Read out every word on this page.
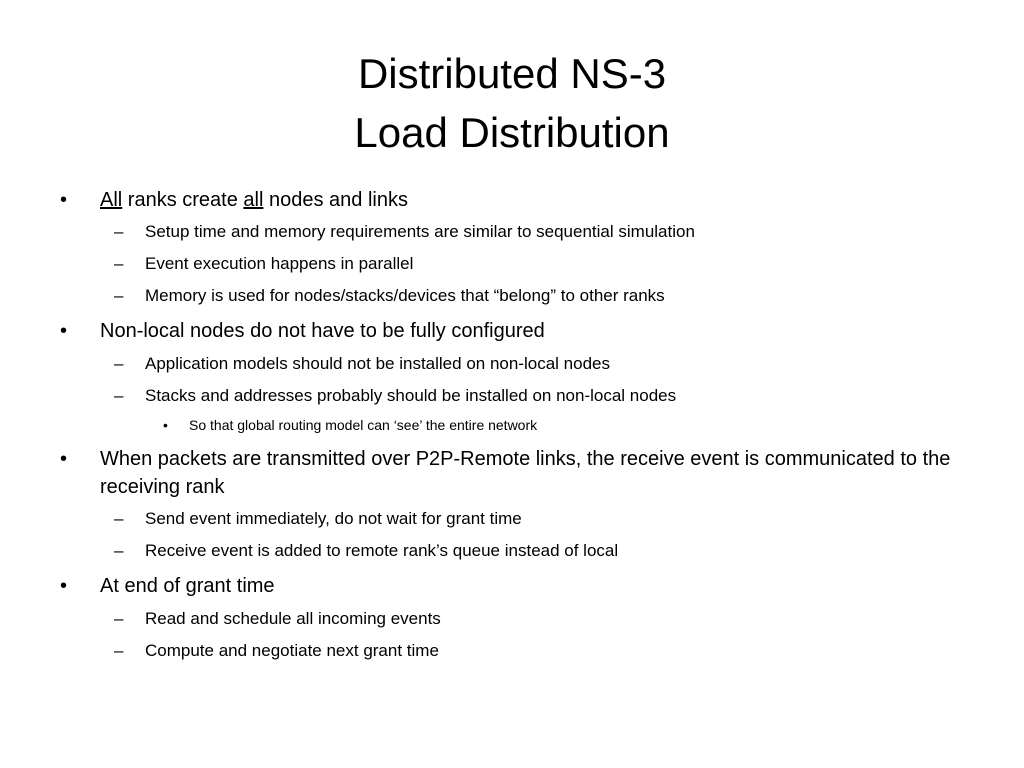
Distributed NS-3
Load Distribution
• All ranks create all nodes and links
– Setup time and memory requirements are similar to sequential simulation
– Event execution happens in parallel
– Memory is used for nodes/stacks/devices that “belong” to other ranks
• Non-local nodes do not have to be fully configured
– Application models should not be installed on non-local nodes
– Stacks and addresses probably should be installed on non-local nodes
• So that global routing model can ‘see’ the entire network
• When packets are transmitted over P2P-Remote links, the receive event is communicated to the receiving rank
– Send event immediately, do not wait for grant time
– Receive event is added to remote rank’s queue instead of local
• At end of grant time
– Read and schedule all incoming events
– Compute and negotiate next grant time
